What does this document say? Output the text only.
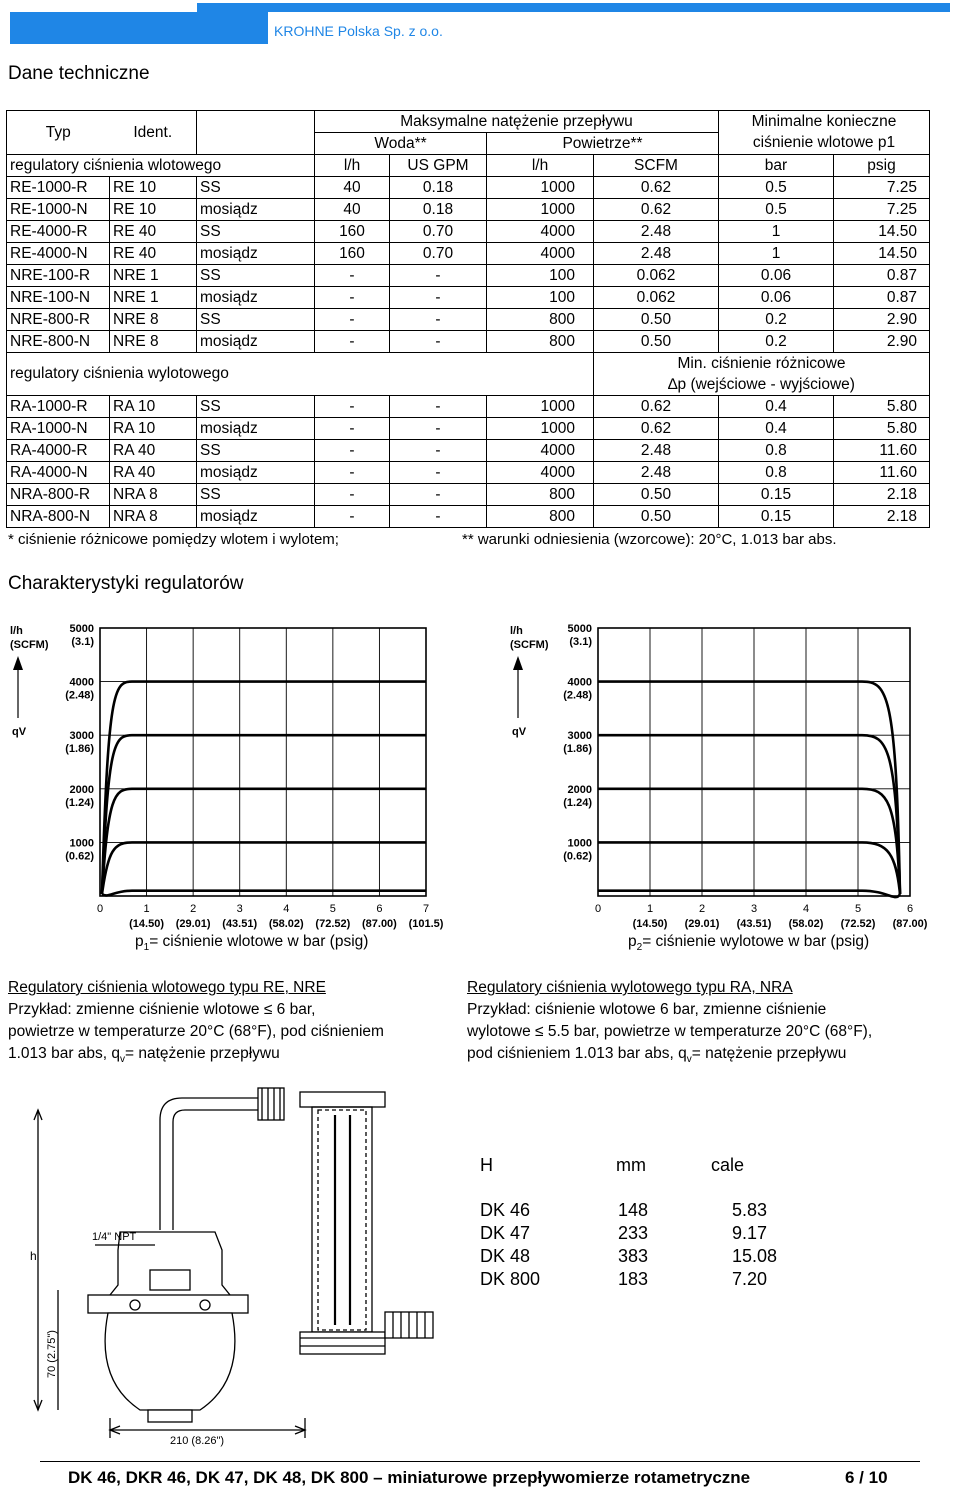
KROHNE Polska Sp. z o.o.
Dane techniczne
Typ	Ident.		Maksymalne natężenie przepływu				Minimalne konieczne	
			Woda**		Powietrze**		ciśnienie wlotowe p1	
regulatory ciśnienia wlotowego			l/h	US GPM	l/h	SCFM	bar	psig
RE-1000-R	RE 10	SS	40	0.18	1000	0.62	0.5	7.25
RE-1000-N	RE 10	mosiądz	40	0.18	1000	0.62	0.5	7.25
RE-4000-R	RE 40	SS	160	0.70	4000	2.48	1	14.50
RE-4000-N	RE 40	mosiądz	160	0.70	4000	2.48	1	14.50
NRE-100-R	NRE 1	SS	-	-	100	0.062	0.06	0.87
NRE-100-N	NRE 1	mosiądz	-	-	100	0.062	0.06	0.87
NRE-800-R	NRE 8	SS	-	-	800	0.50	0.2	2.90
NRE-800-N	NRE 8	mosiądz	-	-	800	0.50	0.2	2.90
regulatory ciśnienia wylotowego						Min. ciśnienie różnicowe
∆p (wejściowe - wyjściowe)		

RA-1000-R	RA 10	SS	-	-	1000	0.62	0.4	5.80
RA-1000-N	RA 10	mosiądz	-	-	1000	0.62	0.4	5.80
RA-4000-R	RA 40	SS	-	-	4000	2.48	0.8	11.60
RA-4000-N	RA 40	mosiądz	-	-	4000	2.48	0.8	11.60
NRA-800-R	NRA 8	SS	-	-	800	0.50	0.15	2.18
NRA-800-N	NRA 8	mosiądz	-	-	800	0.50	0.15	2.18
* ciśnienie różnicowe pomiędzy wlotem i wylotem;	** warunki odniesienia (wzorcowe): 20°C, 1.013 bar abs.
Charakterystyki regulatorów
5000
(3.1)
4000
(2.48)
3000
(1.86)
2000
(1.24)
1000
(0.62)
0	1
(14.50)
2
(29.01)
3
(43.51)
4
(58.02)
5
(72.52)
6
(87.00)
7
(101.5)
l/h
(SCFM)
qV
5000
(3.1)
4000
(2.48)
3000
(1.86)
2000
(1.24)
1000
(0.62)
0	1
(14.50)
2
(29.01)
3
(43.51)
4
(58.02)
5
(72.52)
6
(87.00)
l/h
(SCFM)
qV
$p_1=$ ciśnienie wlotowe w bar (psig)	$p_2=$ ciśnienie wylotowe w bar (psig)
Regulatory ciśnienia wlotowego typu RE, NRE
Przykład: zmienne ciśnienie wlotowe ≤ 6 bar,
powietrze w temperaturze 20°C (68°F), pod ciśnieniem
1.013 bar abs, $q_v=$ natężenie przepływu
Regulatory ciśnienia wylotowego typu RA, NRA
Przykład: ciśnienie wlotowe 6 bar, zmienne ciśnienie
wylotowe ≤ 5.5 bar, powietrze w temperaturze 20°C (68°F),
pod ciśnieniem 1.013 bar abs, $q_v=$ natężenie przepływu
1/4" NPT
h
70 (2.75")
210 (8.26")
H	mm	cale
DK 46	148	5.83
DK 47	233	9.17
DK 48	383	15.08
DK 800	183	7.20
DK 46, DKR 46, DK 47, DK 48, DK 800 – miniaturowe przepływomierze rotametryczne	6 / 10
